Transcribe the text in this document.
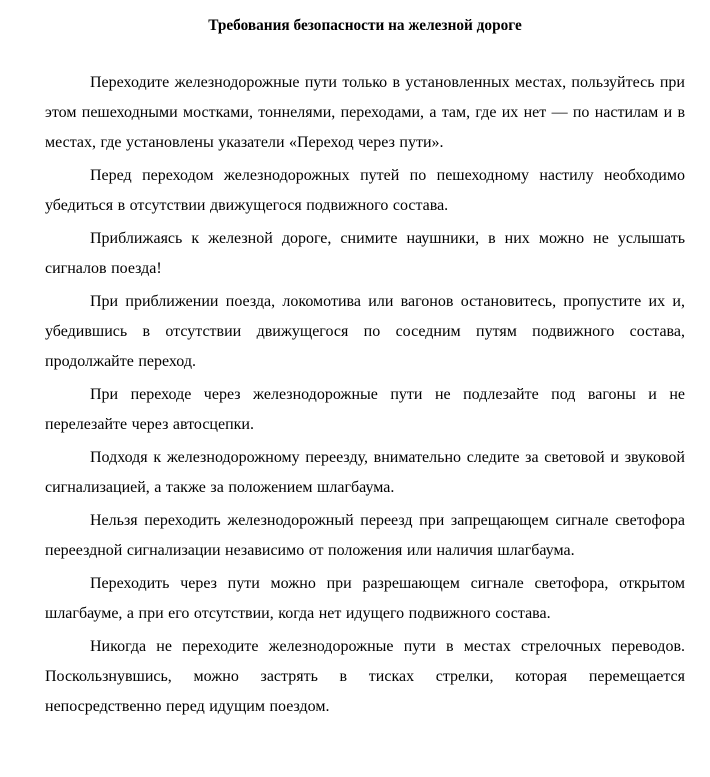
Требования безопасности на железной дороге

Переходите железнодорожные пути только в установленных местах, пользуйтесь при этом пешеходными мостками, тоннелями, переходами, а там, где их нет — по настилам и в местах, где установлены указатели «Переход через пути».

Перед переходом железнодорожных путей по пешеходному настилу необходимо убедиться в отсутствии движущегося подвижного состава.

Приближаясь к железной дороге, снимите наушники, в них можно не услышать сигналов поезда!

При приближении поезда, локомотива или вагонов остановитесь, пропустите их и, убедившись в отсутствии движущегося по соседним путям подвижного состава, продолжайте переход.

При переходе через железнодорожные пути не подлезайте под вагоны и не перелезайте через автосцепки.

Подходя к железнодорожному переезду, внимательно следите за световой и звуковой сигнализацией, а также за положением шлагбаума.

Нельзя переходить железнодорожный переезд при запрещающем сигнале светофора переездной сигнализации независимо от положения или наличия шлагбаума.

Переходить через пути можно при разрешающем сигнале светофора, открытом шлагбауме, а при его отсутствии, когда нет идущего подвижного состава.

Никогда не переходите железнодорожные пути в местах стрелочных переводов. Поскользнувшись, можно застрять в тисках стрелки, которая перемещается непосредственно перед идущим поездом.
